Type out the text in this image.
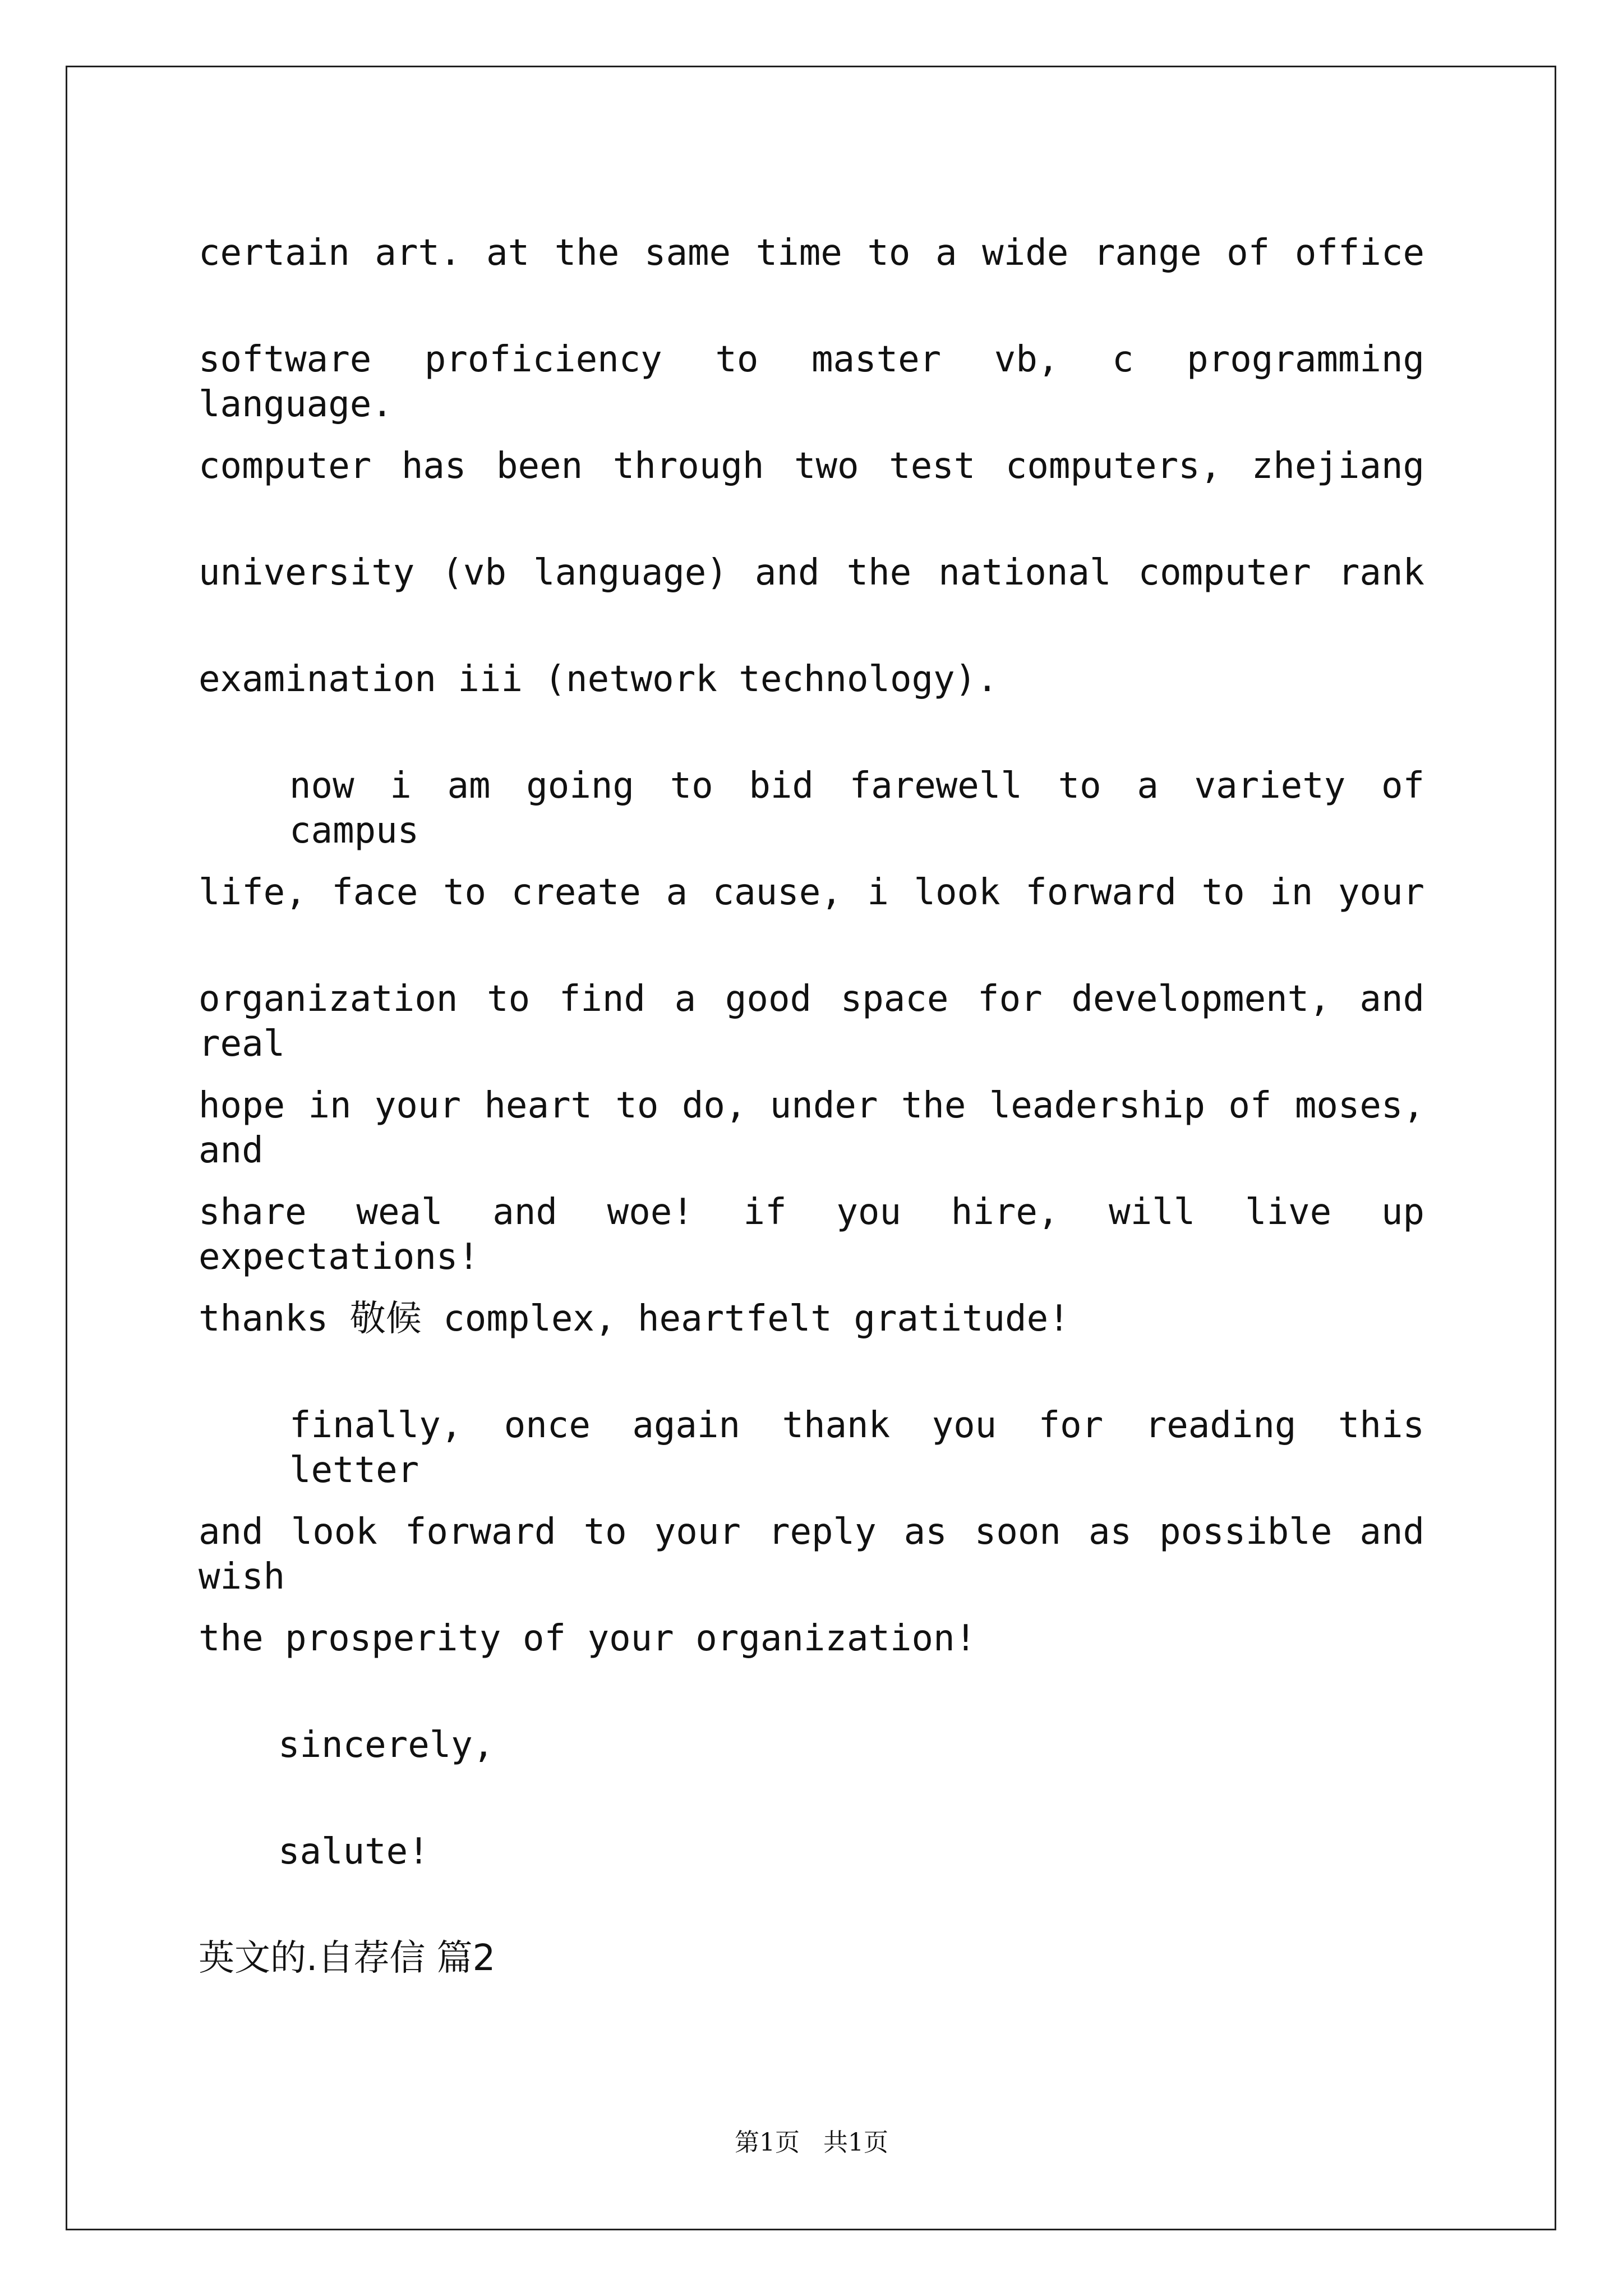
certain art. at the same time to a wide range of office
software proficiency to master vb, c programming language.
computer has been through two test computers, zhejiang
university (vb language) and the national computer rank
examination iii (network technology).
now i am going to bid farewell to a variety of campus
life, face to create a cause, i look forward to in your
organization to find a good space for development, and real
hope in your heart to do, under the leadership of moses, and
share weal and woe! if you hire, will live up expectations!
thanks 敬候 complex, heartfelt gratitude!
finally, once again thank you for reading this letter
and look forward to your reply as soon as possible and wish
the prosperity of your organization!
sincerely,
salute!
英文的.自荐信 篇2
第1页   共1页
